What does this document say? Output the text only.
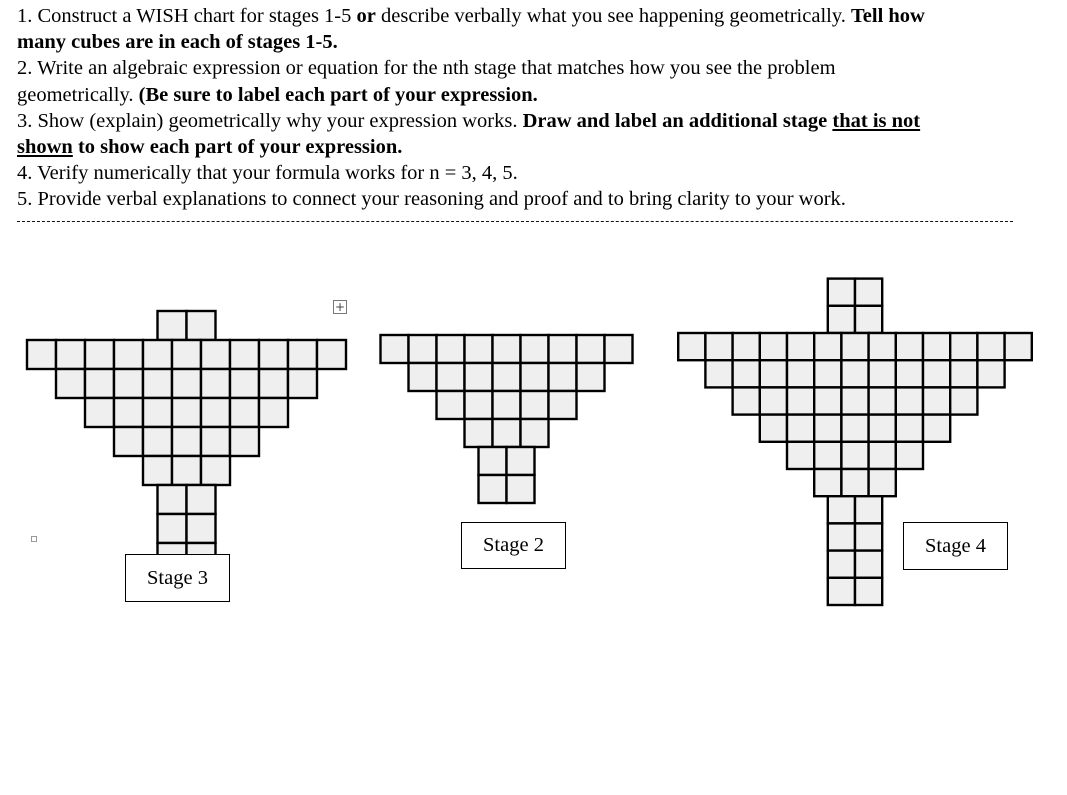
1. Construct a WISH chart for stages 1-5 or describe verbally what you see happening geometrically. Tell how
many cubes are in each of stages 1-5.
2. Write an algebraic expression or equation for the nth stage that matches how you see the problem
geometrically. (Be sure to label each part of your expression.
3. Show (explain) geometrically why your expression works. Draw and label an additional stage that is not
shown to show each part of your expression.
4. Verify numerically that your formula works for n = 3, 4, 5.
5. Provide verbal explanations to connect your reasoning and proof and to bring clarity to your work.
Stage 3
Stage 2	Stage 4
+
